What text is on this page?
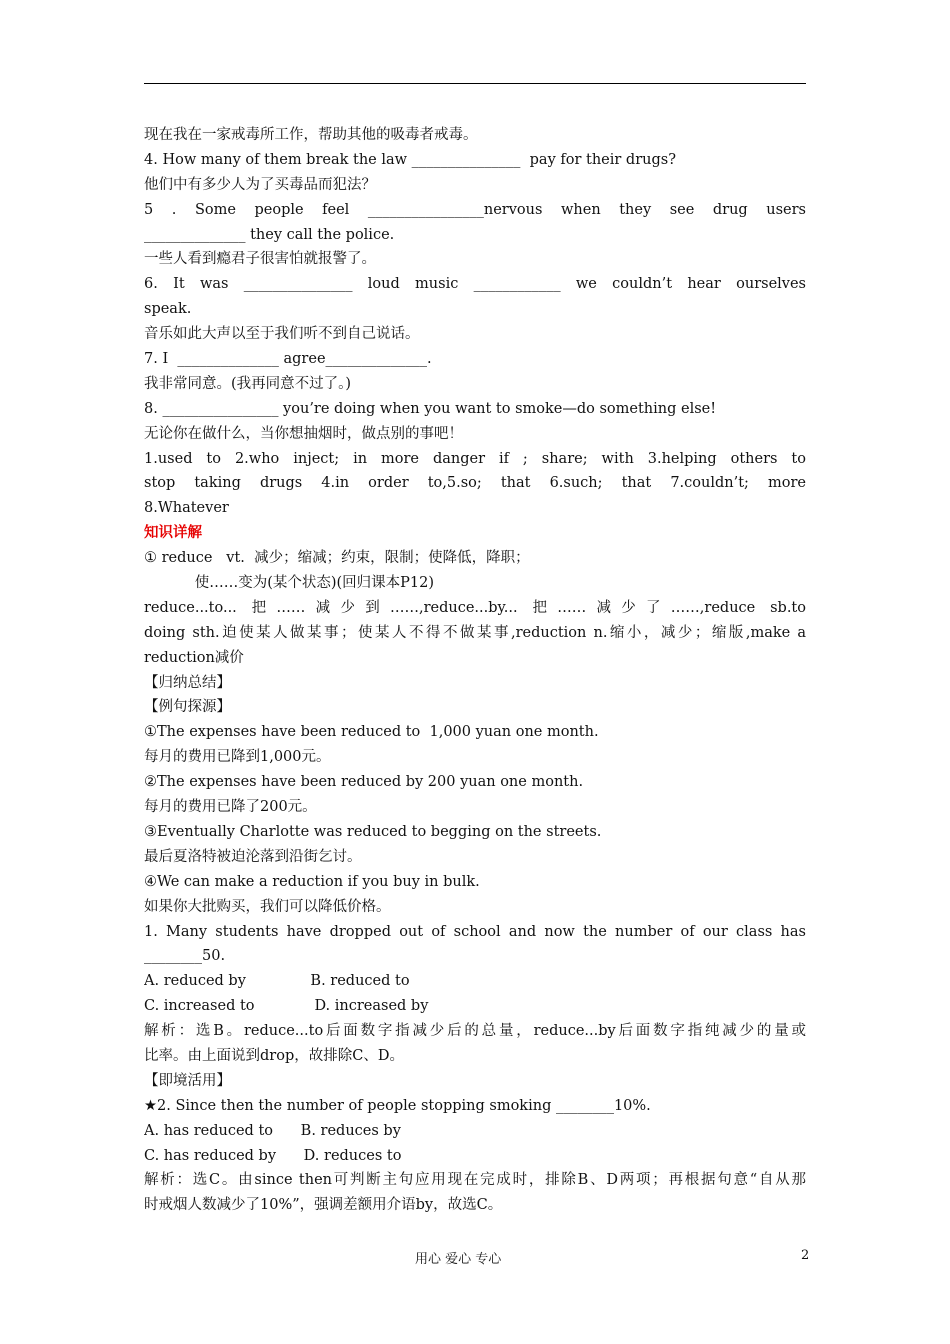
现在我在一家戒毒所工作，帮助其他的吸毒者戒毒。
4. How many of them break the law _______________  pay for their drugs?
他们中有多少人为了买毒品而犯法？
5 . Some people feel ________________nervous when they see drug users
______________ they call the police.
一些人看到瘾君子很害怕就报警了。
6. It was _______________ loud music ____________ we couldn’t hear ourselves
speak.
音乐如此大声以至于我们听不到自己说话。
7. I  ______________ agree______________.
我非常同意。(我再同意不过了。)
8. ________________ you’re doing when you want to smoke—do something else!
无论你在做什么，当你想抽烟时，做点别的事吧！
1.used to 2.who inject; in more danger if ; share; with 3.helping others to
stop taking drugs 4.in order to,5.so; that 6.such; that 7.couldn’t; more
8.Whatever
知识详解
① reduce   vt.  减少；缩减；约束，限制；使降低，降职；
使……变为(某个状态)(回归课本P12)
reduce...to... 把……减少到……,reduce...by... 把……减少了……,reduce sb.to
doing sth.迫使某人做某事；使某人不得不做某事,reduction n.缩小，减少；缩版,make a
reduction减价
【归纳总结】
【例句探源】
①The expenses have been reduced to  1,000 yuan one month.
每月的费用已降到1,000元。
②The expenses have been reduced by 200 yuan one month.
每月的费用已降了200元。
③Eventually Charlotte was reduced to begging on the streets.
最后夏洛特被迫沦落到沿街乞讨。
④We can make a reduction if you buy in bulk.
如果你大批购买，我们可以降低价格。
1. Many students have dropped out of school and now the number of our class has
________50.
A. reduced by              B. reduced to
C. increased to             D. increased by
解析：选B。reduce...to后面数字指减少后的总量，reduce...by后面数字指纯减少的量或
比率。由上面说到drop，故排除C、D。
【即境活用】
★2. Since then the number of people stopping smoking ________10%.
A. has reduced to      B. reduces by
C. has reduced by      D. reduces to
解析：选C。由since then可判断主句应用现在完成时，排除B、D两项；再根据句意“自从那
时戒烟人数减少了10%”，强调差额用介语by，故选C。
用心 爱心 专心	2
